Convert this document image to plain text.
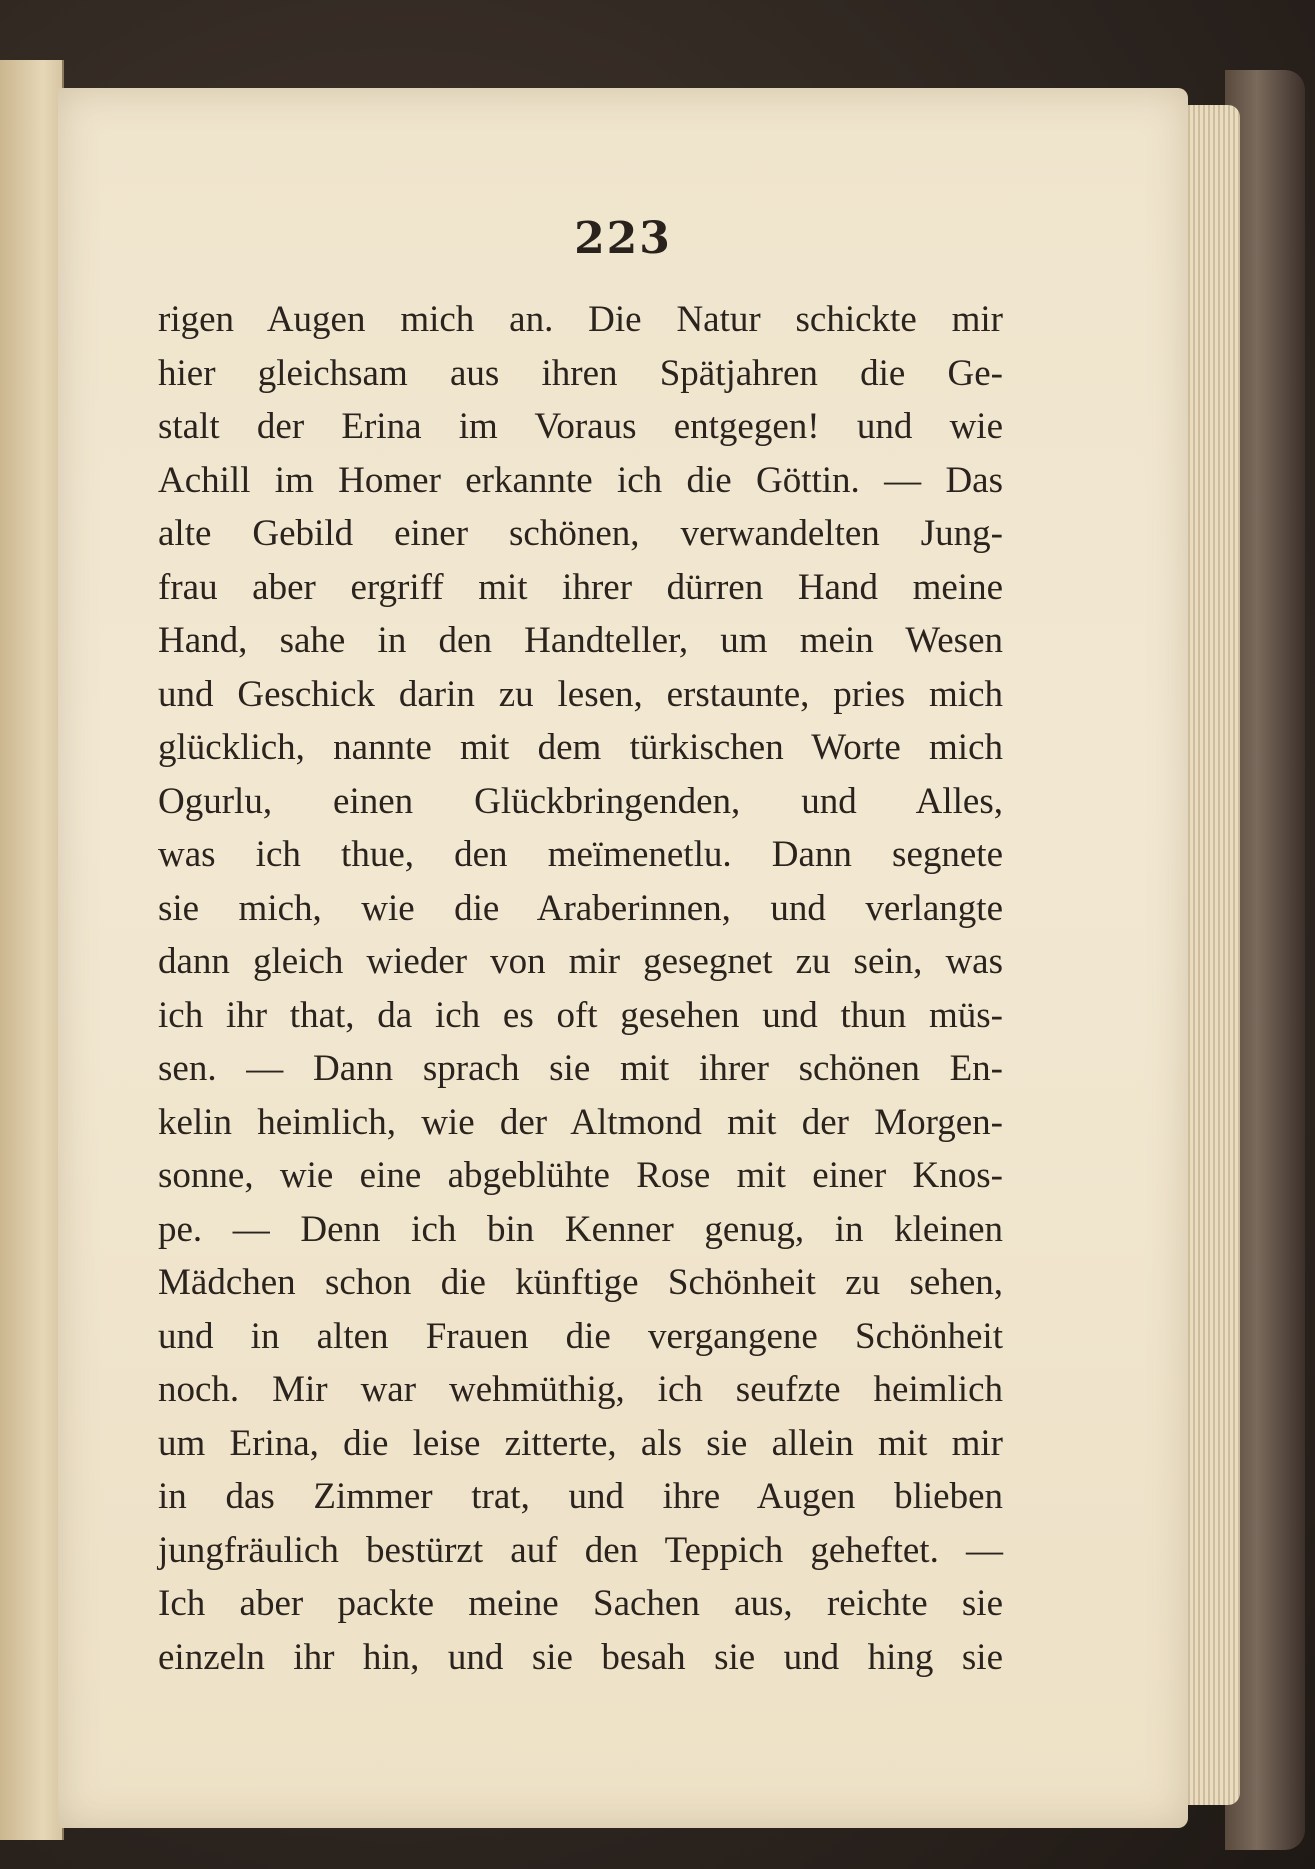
223
rigen Augen mich an. Die Natur schickte mir
hier gleichsam aus ihren Spätjahren die Ge-
stalt der Erina im Voraus entgegen! und wie
Achill im Homer erkannte ich die Göttin. — Das
alte Gebild einer schönen, verwandelten Jung-
frau aber ergriff mit ihrer dürren Hand meine
Hand, sahe in den Handteller, um mein Wesen
und Geschick darin zu lesen, erstaunte, pries mich
glücklich, nannte mit dem türkischen Worte mich
Ogurlu, einen Glückbringenden, und Alles,
was ich thue, den meïmenetlu. Dann segnete
sie mich, wie die Araberinnen, und verlangte
dann gleich wieder von mir gesegnet zu sein, was
ich ihr that, da ich es oft gesehen und thun müs-
sen. — Dann sprach sie mit ihrer schönen En-
kelin heimlich, wie der Altmond mit der Morgen-
sonne, wie eine abgeblühte Rose mit einer Knos-
pe. — Denn ich bin Kenner genug, in kleinen
Mädchen schon die künftige Schönheit zu sehen,
und in alten Frauen die vergangene Schönheit
noch. Mir war wehmüthig, ich seufzte heimlich
um Erina, die leise zitterte, als sie allein mit mir
in das Zimmer trat, und ihre Augen blieben
jungfräulich bestürzt auf den Teppich geheftet. —
Ich aber packte meine Sachen aus, reichte sie
einzeln ihr hin, und sie besah sie und hing sie
